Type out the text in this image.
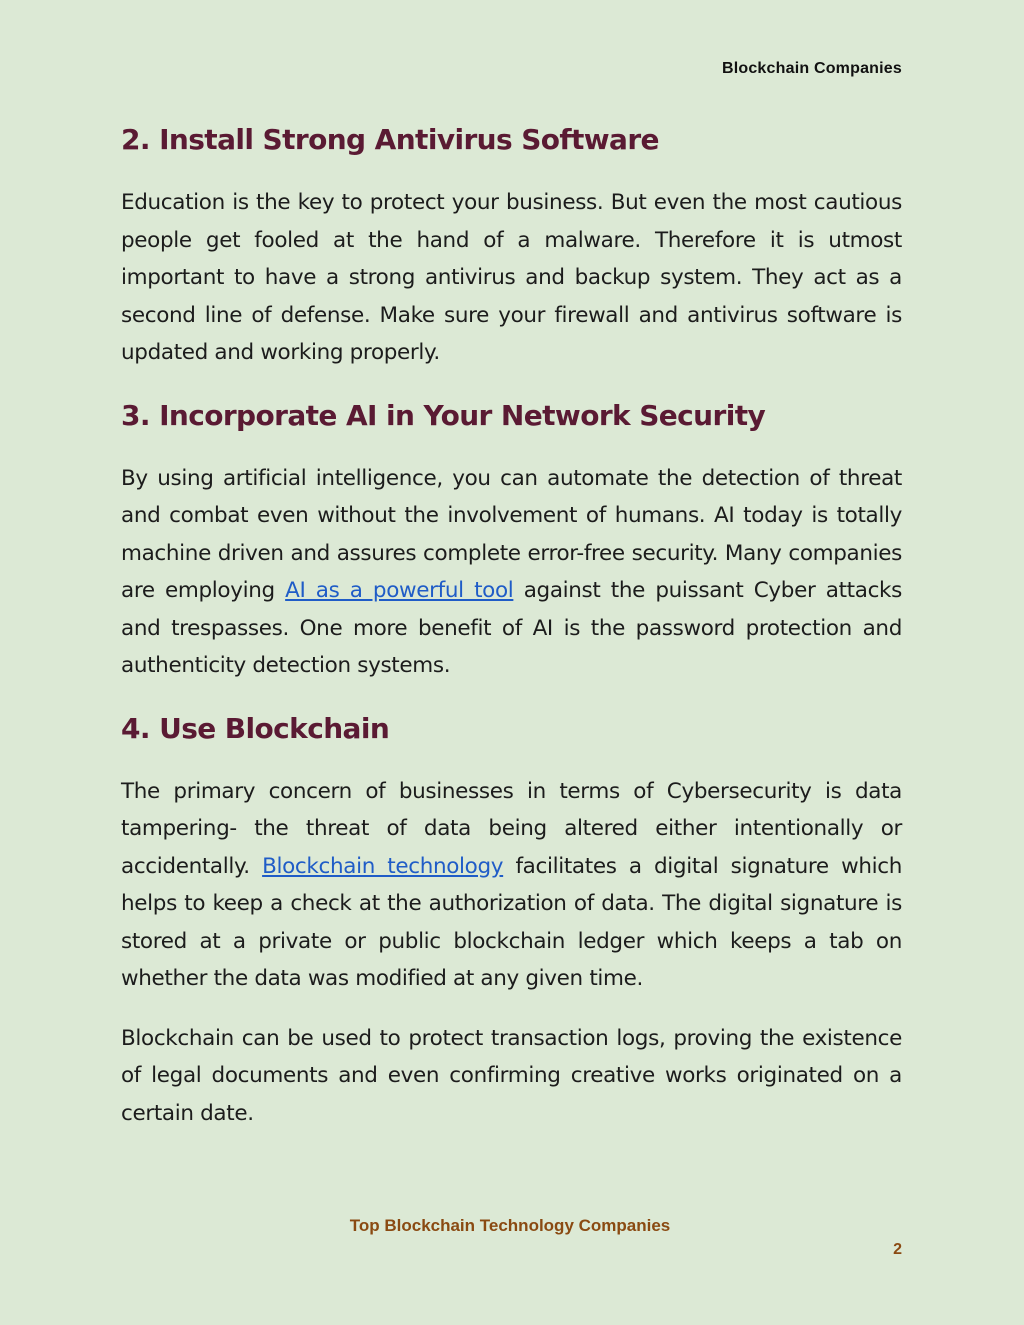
Blockchain Companies
2. Install Strong Antivirus Software

Education is the key to protect your business. But even the most cautious people get fooled at the hand of a malware. Therefore it is utmost important to have a strong antivirus and backup system. They act as a second line of defense. Make sure your firewall and antivirus software is updated and working properly.

3. Incorporate AI in Your Network Security

By using artificial intelligence, you can automate the detection of threat and combat even without the involvement of humans. AI today is totally machine driven and assures complete error-free security. Many companies are employing AI as a powerful tool against the puissant Cyber attacks and trespasses. One more benefit of AI is the password protection and authenticity detection systems.

4. Use Blockchain

The primary concern of businesses in terms of Cybersecurity is data tampering- the threat of data being altered either intentionally or accidentally. Blockchain technology facilitates a digital signature which helps to keep a check at the authorization of data. The digital signature is stored at a private or public blockchain ledger which keeps a tab on whether the data was modified at any given time.

Blockchain can be used to protect transaction logs, proving the existence of legal documents and even confirming creative works originated on a certain date.

Top Blockchain Technology Companies
2
